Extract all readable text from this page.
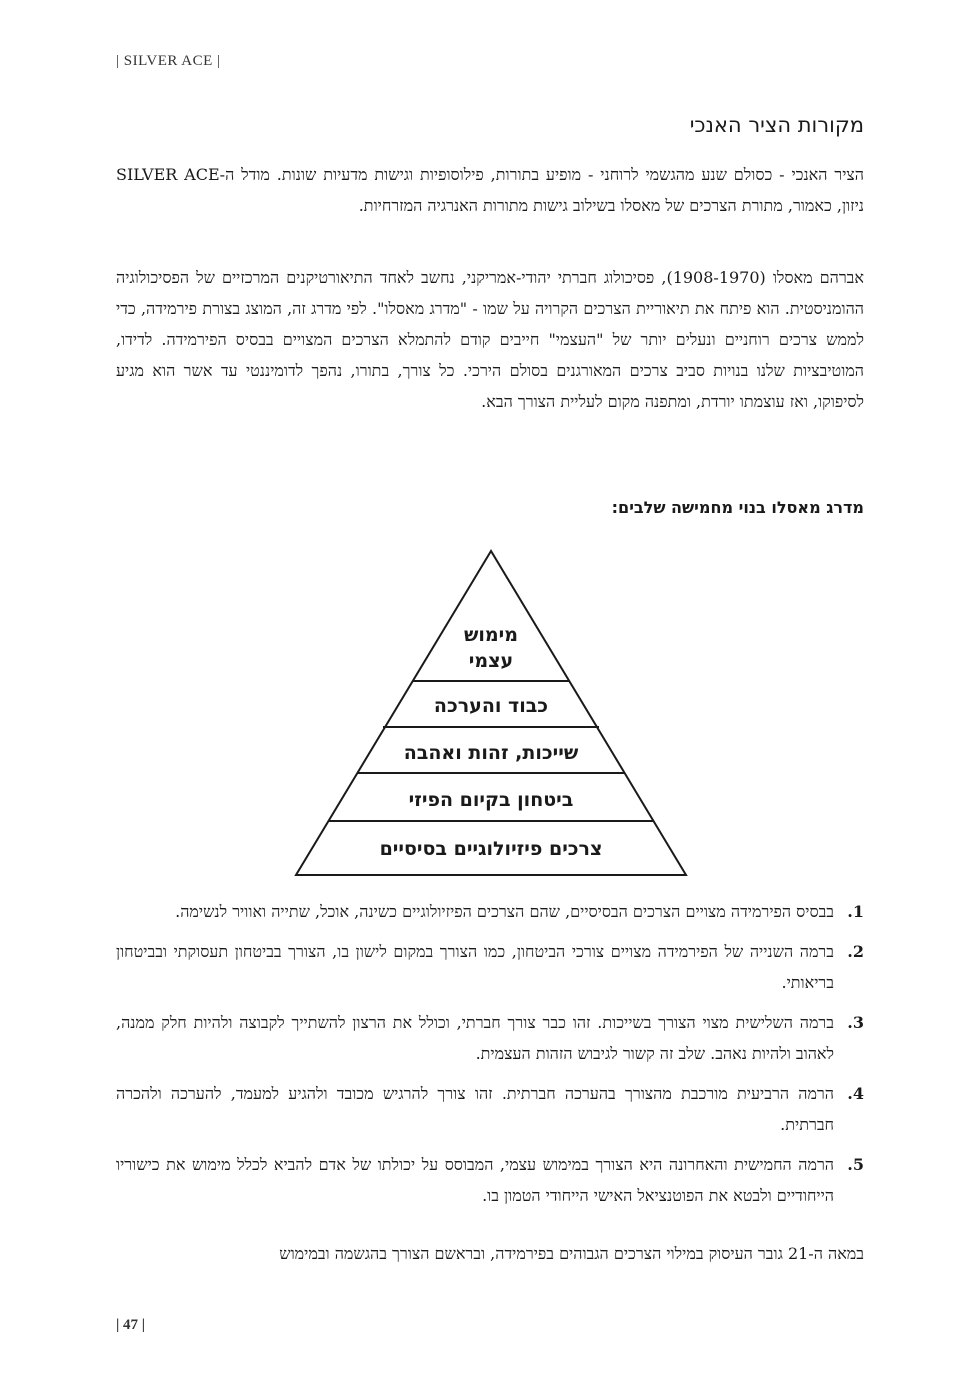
| SILVER ACE |
מקורות הציר האנכי

הציר האנכי - כסולם שנע מהגשמי לרוחני - מופיע בתורות, פילוסופיות וגישות מדעיות שונות. מודל ה-SILVER ACE ניזון, כאמור, מתורת הצרכים של מאסלו בשילוב גישות מתורות האנרגיה המזרחיות.

אברהם מאסלו (1908-1970), פסיכולוג חברתי יהודי-אמריקני, נחשב לאחד התיאורטיקנים המרכזיים של הפסיכולוגיה ההומניסטית. הוא פיתח את תיאוריית הצרכים הקרויה על שמו - "מדרג מאסלו". לפי מדרג זה, המוצג בצורת פירמידה, כדי לממש צרכים רוחניים ונעלים יותר של "העצמי" חייבים קודם להתמלא הצרכים המצויים בבסיס הפירמידה. לדידו, המוטיבציות שלנו בנויות סביב צרכים המאורגנים בסולם הירכי. כל צורך, בתורו, נהפך לדומיננטי עד אשר הוא מגיע לסיפוקו, ואז עוצמתו יורדת, ומתפנה מקום לעליית הצורך הבא.

מדרג מאסלו בנוי מחמישה שלבים:
מימוש
עצמי
כבוד והערכה
שייכות, זהות ואהבה
ביטחון בקיום הפיזי
צרכים פיזיולוגיים בסיסיים
1.
בבסיס הפירמידה מצויים הצרכים הבסיסיים, שהם הצרכים הפיזיולוגיים כשינה, אוכל, שתייה ואוויר לנשימה.
2.
ברמה השנייה של הפירמידה מצויים צורכי הביטחון, כמו הצורך במקום לישון בו, הצורך בביטחון תעסוקתי ובביטחון בריאותי.
3.
ברמה השלישית מצוי הצורך בשייכות. זהו כבר צורך חברתי, וכולל את הרצון להשתייך לקבוצה ולהיות חלק ממנה, לאהוב ולהיות נאהב. שלב זה קשור לגיבוש הזהות העצמית.
4.
הרמה הרביעית מורכבת מהצורך בהערכה חברתית. זהו צורך להרגיש מכובד ולהגיע למעמד, להערכה ולהכרה חברתית.
5.
הרמה החמישית והאחרונה היא הצורך במימוש עצמי, המבוסס על יכולתו של אדם להביא לכלל מימוש את כישוריו הייחודיים ולבטא את הפוטנציאל האישי הייחודי הטמון בו.

במאה ה-21 גובר העיסוק במילוי הצרכים הגבוהים בפירמידה, ובראשם הצורך בהגשמה ובמימוש

| 47 |
